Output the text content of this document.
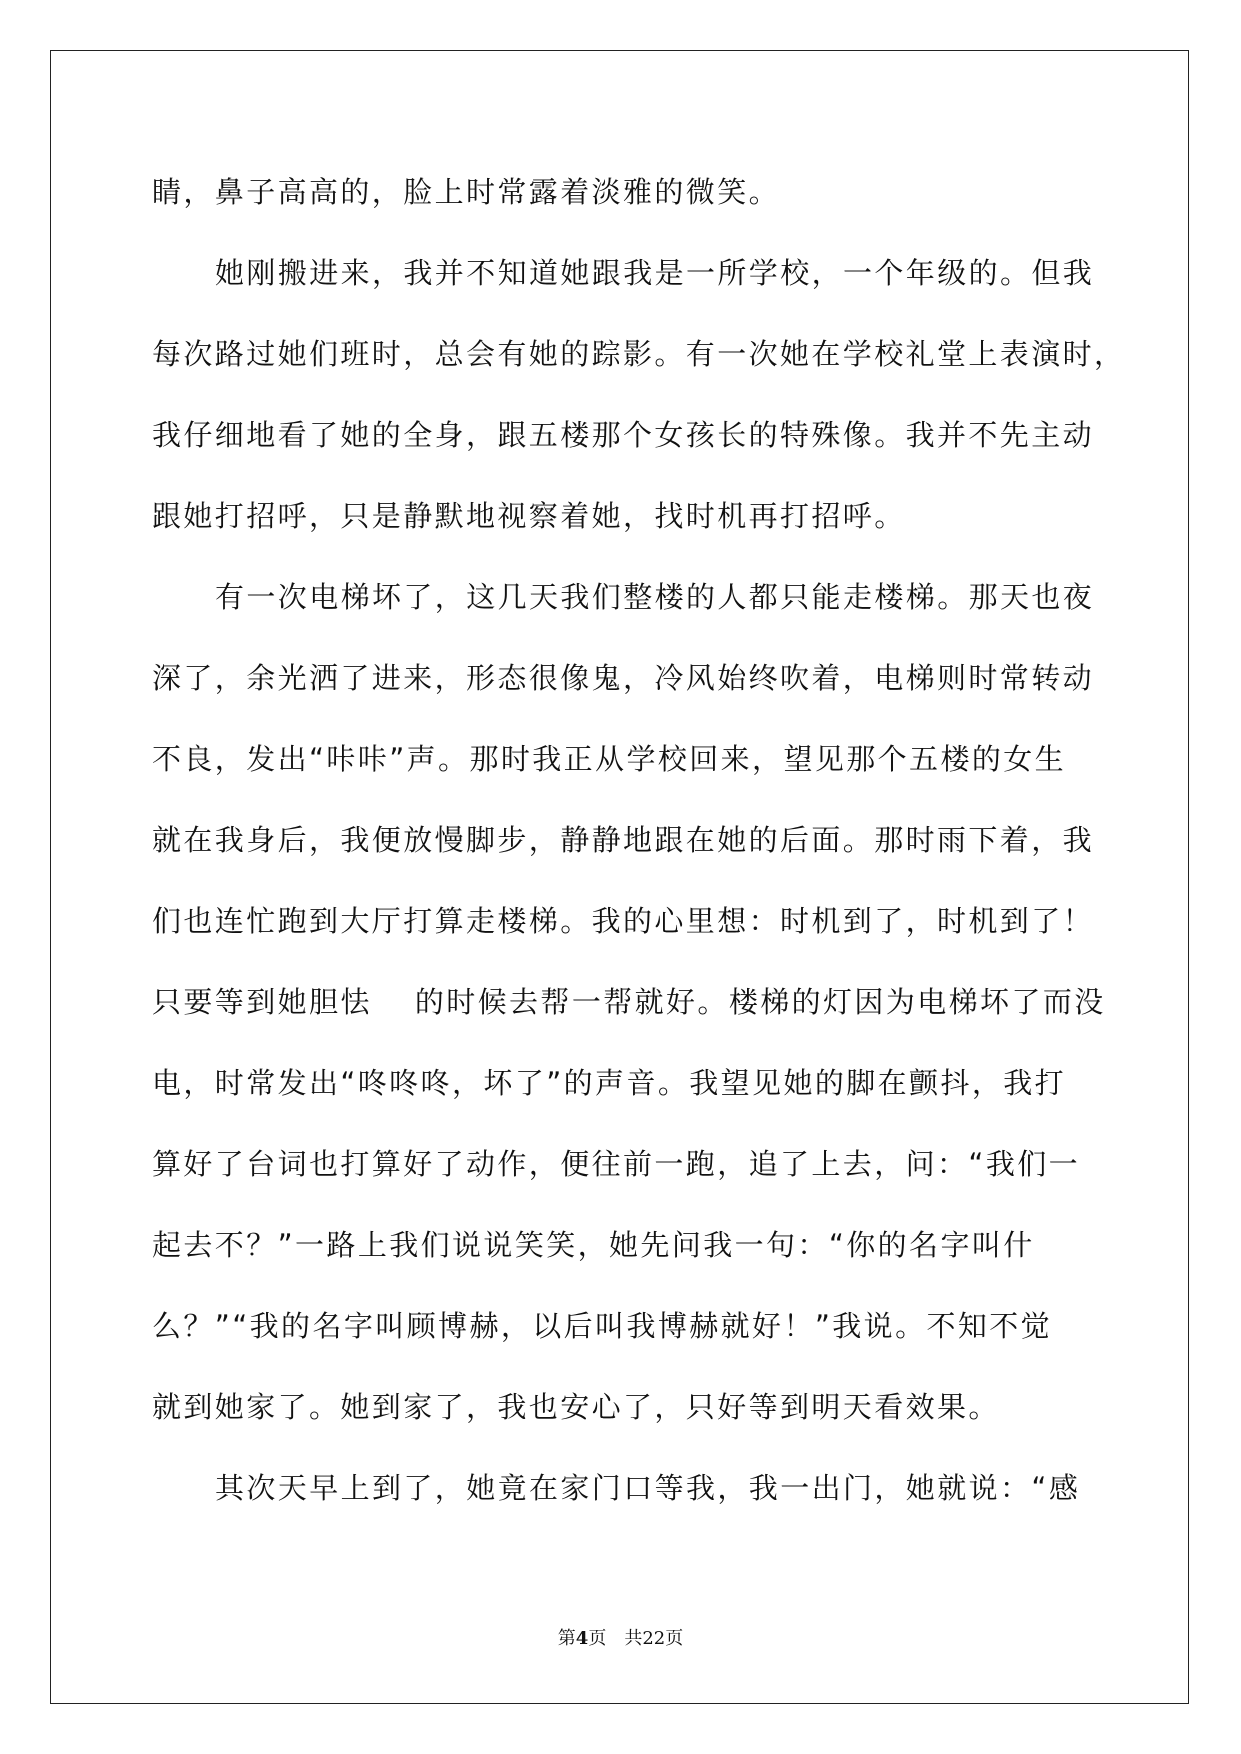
睛，鼻子高高的，脸上时常露着淡雅的微笑。
她刚搬进来，我并不知道她跟我是一所学校，一个年级的。但我
每次路过她们班时，总会有她的踪影。有一次她在学校礼堂上表演时，
我仔细地看了她的全身，跟五楼那个女孩长的特殊像。我并不先主动
跟她打招呼，只是静默地视察着她，找时机再打招呼。
有一次电梯坏了，这几天我们整楼的人都只能走楼梯。那天也夜
深了，余光洒了进来，形态很像鬼，冷风始终吹着，电梯则时常转动
不良，发出“咔咔”声。那时我正从学校回来，望见那个五楼的女生
就在我身后，我便放慢脚步，静静地跟在她的后面。那时雨下着，我
们也连忙跑到大厅打算走楼梯。我的心里想：时机到了，时机到了！
只要等到她胆怯　 的时候去帮一帮就好。楼梯的灯因为电梯坏了而没
电，时常发出“咚咚咚，坏了”的声音。我望见她的脚在颤抖，我打
算好了台词也打算好了动作，便往前一跑，追了上去，问：“我们一
起去不？”一路上我们说说笑笑，她先问我一句：“你的名字叫什
么？”“我的名字叫顾博赫，以后叫我博赫就好！”我说。不知不觉
就到她家了。她到家了，我也安心了，只好等到明天看效果。
其次天早上到了，她竟在家门口等我，我一出门，她就说：“感
第4页 共22页
